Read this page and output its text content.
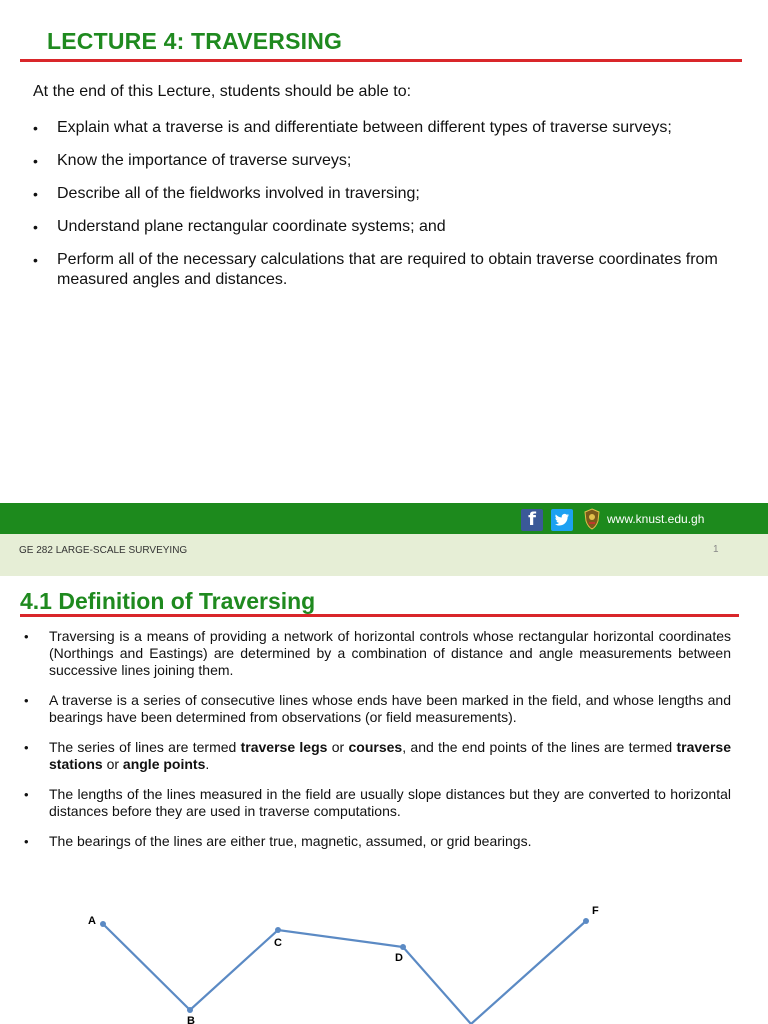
LECTURE 4: TRAVERSING

At the end of this Lecture, students should be able to:

• Explain what a traverse is and differentiate between different types of traverse surveys;
• Know the importance of traverse surveys;
• Describe all of the fieldworks involved in traversing;
• Understand plane rectangular coordinate systems; and
• Perform all of the necessary calculations that are required to obtain traverse coordinates from measured angles and distances.
f	www.knust.edu.gh
GE 282 LARGE-SCALE SURVEYING	1
4.1 Definition of Traversing
• Traversing is a means of providing a network of horizontal controls whose rectangular horizontal coordinates (Northings and Eastings) are determined by a combination of distance and angle measurements between successive lines joining them.
• A traverse is a series of consecutive lines whose ends have been marked in the field, and whose lengths and bearings have been determined from observations (or field measurements).
• The series of lines are termed traverse legs or courses, and the end points of the lines are termed traverse stations or angle points.
• The lengths of the lines measured in the field are usually slope distances but they are converted to horizontal distances before they are used in traverse computations.
• The bearings of the lines are either true, magnetic, assumed, or grid bearings.
A
B
C
D
F
